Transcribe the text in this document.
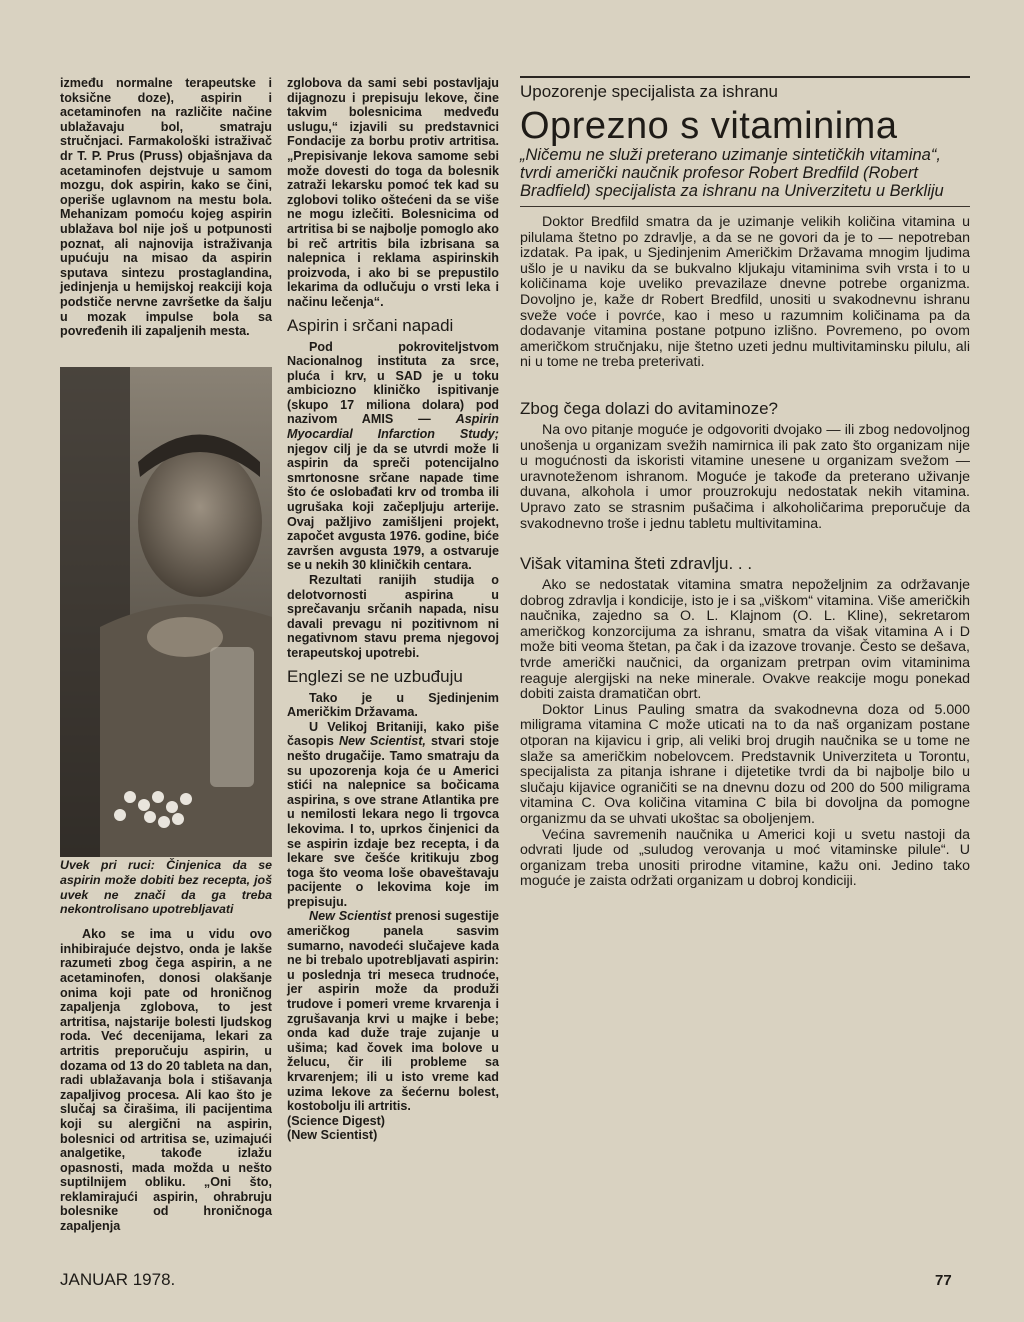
između normalne terapeutske i toksične doze), aspirin i acetaminofen na različite načine ublažavaju bol, smatraju stručnjaci. Farmakološki istraživač dr T. P. Prus (Pruss) objašnjava da acetaminofen dejstvuje u samom mozgu, dok aspirin, kako se čini, operiše uglavnom na mestu bola. Mehanizam pomoću kojeg aspirin ublažava bol nije još u potpunosti poznat, ali najnovija istraživanja upućuju na misao da aspirin sputava sintezu prostaglandina, jedinjenja u hemijskoj reakciji koja podstiče nervne završetke da šalju u mozak impulse bola sa povređenih ili zapaljenih mesta.

Uvek pri ruci: Činjenica da se aspirin može dobiti bez recepta, još uvek ne znači da ga treba nekontrolisano upotrebljavati

Ako se ima u vidu ovo inhibirajuće dejstvo, onda je lakše razumeti zbog čega aspirin, a ne acetaminofen, donosi olakšanje onima koji pate od hroničnog zapaljenja zglobova, to jest artritisa, najstarije bolesti ljudskog roda. Već decenijama, lekari za artritis preporučuju aspirin, u dozama od 13 do 20 tableta na dan, radi ublažavanja bola i stišavanja zapaljivog procesa. Ali kao što je slučaj sa čirašima, ili pacijentima koji su alergični na aspirin, bolesnici od artritisa se, uzimajući analgetike, takođe izlažu opasnosti, mada možda u nešto suptilnijem obliku. „Oni što, reklamirajući aspirin, ohrabruju bolesnike od hroničnoga zapaljenja

zglobova da sami sebi postavljaju dijagnozu i prepisuju lekove, čine takvim bolesnicima medveđu uslugu,“ izjavili su predstavnici Fondacije za borbu protiv artritisa. „Prepisivanje lekova samome sebi može dovesti do toga da bolesnik zatraži lekarsku pomoć tek kad su zglobovi toliko oštećeni da se više ne mogu izlečiti. Bolesnicima od artritisa bi se najbolje pomoglo ako bi reč artritis bila izbrisana sa nalepnica i reklama aspirinskih proizvoda, i ako bi se prepustilo lekarima da odlučuju o vrsti leka i načinu lečenja“.

Aspirin i srčani napadi

Pod pokroviteljstvom Nacionalnog instituta za srce, pluća i krv, u SAD je u toku ambiciozno kliničko ispitivanje (skupo 17 miliona dolara) pod nazivom AMIS — Aspirin Myocardial Infarction Study; njegov cilj je da se utvrdi može li aspirin da spreči potencijalno smrtonosne srčane napade time što će oslobađati krv od tromba ili ugrušaka koji začepljuju arterije. Ovaj pažljivo zamišljeni projekt, započet avgusta 1976. godine, biće završen avgusta 1979, a ostvaruje se u nekih 30 kliničkih centara.

Rezultati ranijih studija o delotvornosti aspirina u sprečavanju srčanih napada, nisu davali prevagu ni pozitivnom ni negativnom stavu prema njegovoj terapeutskoj upotrebi.

Englezi se ne uzbuđuju

Tako je u Sjedinjenim Američkim Državama.

U Velikoj Britaniji, kako piše časopis New Scientist, stvari stoje nešto drugačije. Tamo smatraju da su upozorenja koja će u Americi stići na nalepnice sa bočicama aspirina, s ove strane Atlantika pre u nemilosti lekara nego li trgovca lekovima. I to, uprkos činjenici da se aspirin izdaje bez recepta, i da lekare sve češće kritikuju zbog toga što veoma loše obaveštavaju pacijente o lekovima koje im prepisuju.

New Scientist prenosi sugestije američkog panela sasvim sumarno, navodeći slučajeve kada ne bi trebalo upotrebljavati aspirin: u poslednja tri meseca trudnoće, jer aspirin može da produži trudove i pomeri vreme krvarenja i zgrušavanja krvi u majke i bebe; onda kad duže traje zujanje u ušima; kad čovek ima bolove u želucu, čir ili probleme sa krvarenjem; ili u isto vreme kad uzima lekove za šećernu bolest, kostobolju ili artritis.

(Science Digest)

(New Scientist)

Upozorenje specijalista za ishranu
Oprezno s vitaminima

„Ničemu ne služi preterano uzimanje sintetičkih vitamina“, tvrdi američki naučnik profesor Robert Bredfild (Robert Bradfield) specijalista za ishranu na Univerzitetu u Berkliju

Doktor Bredfild smatra da je uzimanje velikih količina vitamina u pilulama štetno po zdravlje, a da se ne govori da je to — nepotreban izdatak. Pa ipak, u Sjedinjenim Američkim Državama mnogim ljudima ušlo je u naviku da se bukvalno kljukaju vitaminima svih vrsta i to u količinama koje uveliko prevazilaze dnevne potrebe organizma. Dovoljno je, kaže dr Robert Bredfild, unositi u svakodnevnu ishranu sveže voće i povrće, kao i meso u razumnim količinama pa da dodavanje vitamina postane potpuno izlišno. Povremeno, po ovom američkom stručnjaku, nije štetno uzeti jednu multivitaminsku pilulu, ali ni u tome ne treba preterivati.

Zbog čega dolazi do avitaminoze?

Na ovo pitanje moguće je odgovoriti dvojako — ili zbog nedovoljnog unošenja u organizam svežih namirnica ili pak zato što organizam nije u mogućnosti da iskoristi vitamine unesene u organizam svežom — uravnoteženom ishranom. Moguće je takođe da preterano uživanje duvana, alkohola i umor prouzrokuju nedostatak nekih vitamina. Upravo zato se strasnim pušačima i alkoholičarima preporučuje da svakodnevno troše i jednu tabletu multivitamina.

Višak vitamina šteti zdravlju. . .

Ako se nedostatak vitamina smatra nepoželjnim za održavanje dobrog zdravlja i kondicije, isto je i sa „viškom“ vitamina. Više američkih naučnika, zajedno sa O. L. Klajnom (O. L. Kline), sekretarom američkog konzorcijuma za ishranu, smatra da višak vitamina A i D može biti veoma štetan, pa čak i da izazove trovanje. Često se dešava, tvrde američki naučnici, da organizam pretrpan ovim vitaminima reaguje alergijski na neke minerale. Ovakve reakcije mogu ponekad dobiti zaista dramatičan obrt.

Doktor Linus Pauling smatra da svakodnevna doza od 5.000 miligrama vitamina C može uticati na to da naš organizam postane otporan na kijavicu i grip, ali veliki broj drugih naučnika se u tome ne slaže sa američkim nobelovcem. Predstavnik Univerziteta u Torontu, specijalista za pitanja ishrane i dijetetike tvrdi da bi najbolje bilo u slučaju kijavice ograničiti se na dnevnu dozu od 200 do 500 miligrama vitamina C. Ova količina vitamina C bila bi dovoljna da pomogne organizmu da se uhvati ukoštac sa oboljenjem.

Većina savremenih naučnika u Americi koji u svetu nastoji da odvrati ljude od „suludog verovanja u moć vitaminske pilule“. U organizam treba unositi prirodne vitamine, kažu oni. Jedino tako moguće je zaista održati organizam u dobroj kondiciji.

JANUAR 1978.	77
